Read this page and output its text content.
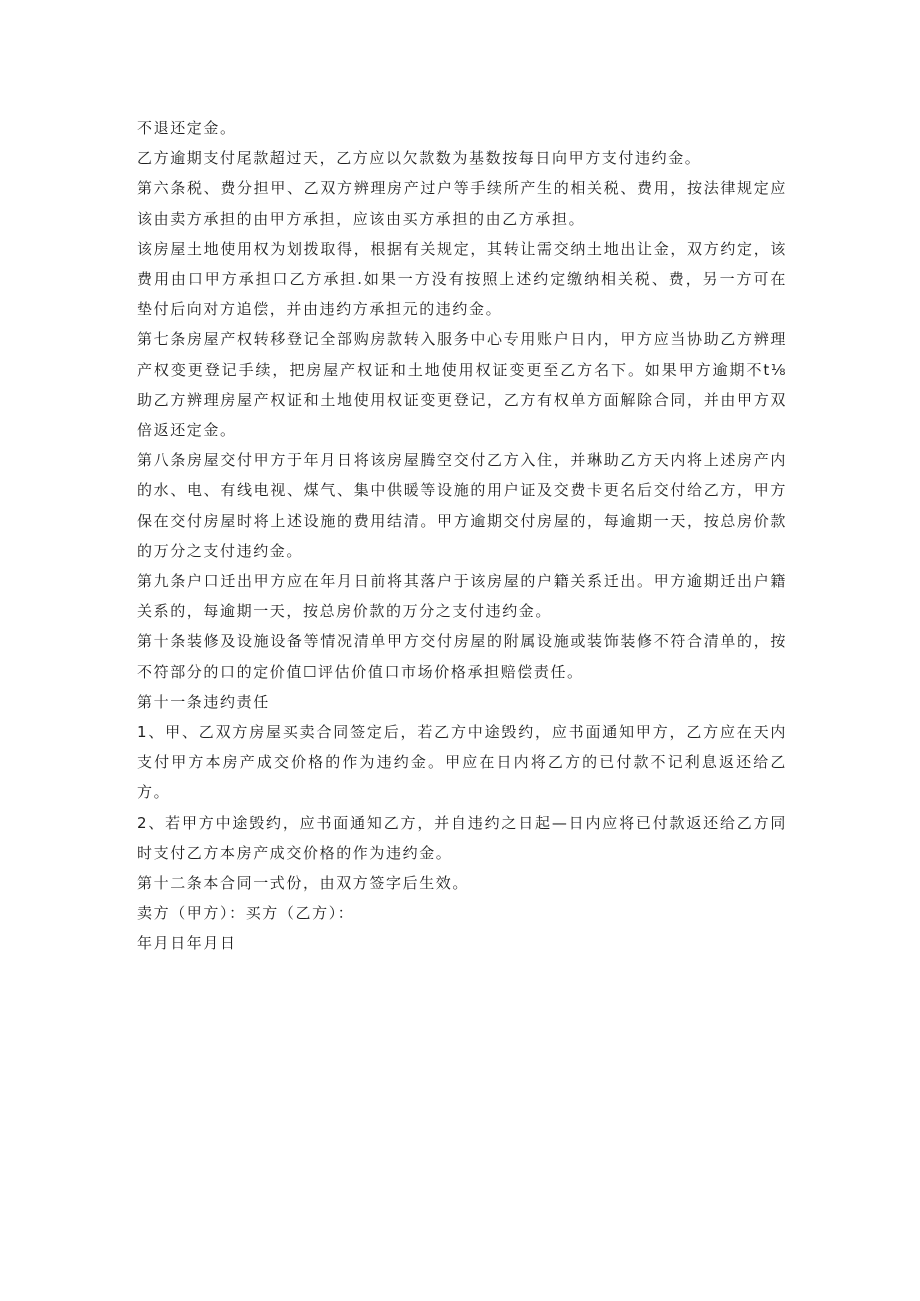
不退还定金。

乙方逾期支付尾款超过天，乙方应以欠款数为基数按每日向甲方支付违约金。

第六条税、费分担甲、乙双方辨理房产过户等手续所产生的相关税、费用，按法律规定应该由卖方承担的由甲方承担，应该由买方承担的由乙方承担。

该房屋土地使用权为划拨取得，根据有关规定，其转让需交纳土地出让金，双方约定，该费用由口甲方承担口乙方承担.如果一方没有按照上述约定缴纳相关税、费，另一方可在垫付后向对方追偿，并由违约方承担元的违约金。

第七条房屋产权转移登记全部购房款转入服务中心专用账户日内，甲方应当协助乙方辨理产权变更登记手续，把房屋产权证和土地使用权证变更至乙方名下。如果甲方逾期不t⅛助乙方辨理房屋产权证和土地使用权证变更登记，乙方有权单方面解除合同，并由甲方双倍返还定金。

第八条房屋交付甲方于年月日将该房屋腾空交付乙方入住，并琳助乙方天内将上述房产内的水、电、有线电视、煤气、集中供暖等设施的用户证及交费卡更名后交付给乙方，甲方保在交付房屋时将上述设施的费用结清。甲方逾期交付房屋的，每逾期一天，按总房价款的万分之支付违约金。

第九条户口迁出甲方应在年月日前将其落户于该房屋的户籍关系迁出。甲方逾期迁出户籍关系的，每逾期一天，按总房价款的万分之支付违约金。

第十条装修及设施设备等情况清单甲方交付房屋的附属设施或装饰装修不符合清单的，按不符部分的口的定价值☐评估价值口市场价格承担赔偿责任。

第十一条违约责任

1、甲、乙双方房屋买卖合同签定后，若乙方中途毁约，应书面通知甲方，乙方应在天内支付甲方本房产成交价格的作为违约金。甲应在日内将乙方的已付款不记利息返还给乙方。

2、若甲方中途毁约，应书面通知乙方，并自违约之日起—日内应将已付款返还给乙方同时支付乙方本房产成交价格的作为违约金。

第十二条本合同一式份，由双方签字后生效。

卖方（甲方）：买方（乙方）：

年月日年月日
